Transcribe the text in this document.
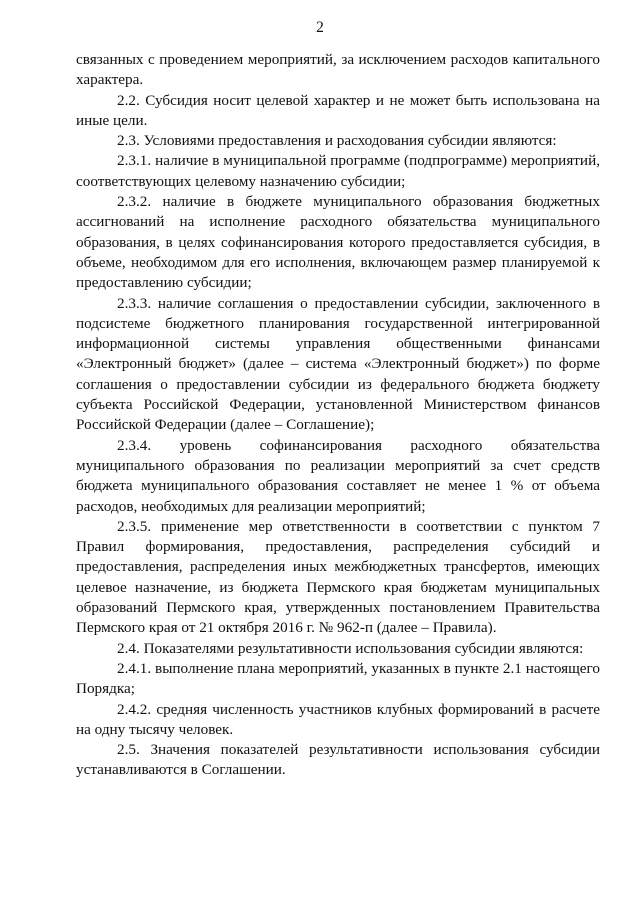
2

связанных с проведением мероприятий, за исключением расходов капитального характера.

2.2. Субсидия носит целевой характер и не может быть использована на иные цели.

2.3. Условиями предоставления и расходования субсидии являются:

2.3.1. наличие в муниципальной программе (подпрограмме) мероприятий, соответствующих целевому назначению субсидии;

2.3.2. наличие в бюджете муниципального образования бюджетных ассигнований на исполнение расходного обязательства муниципального образования, в целях софинансирования которого предоставляется субсидия, в объеме, необходимом для его исполнения, включающем размер планируемой к предоставлению субсидии;

2.3.3. наличие соглашения о предоставлении субсидии, заключенного в подсистеме бюджетного планирования государственной интегрированной информационной системы управления общественными финансами «Электронный бюджет» (далее – система «Электронный бюджет») по форме соглашения о предоставлении субсидии из федерального бюджета бюджету субъекта Российской Федерации, установленной Министерством финансов Российской Федерации (далее – Соглашение);

2.3.4. уровень софинансирования расходного обязательства муниципального образования по реализации мероприятий за счет средств бюджета муниципального образования составляет не менее 1 % от объема расходов, необходимых для реализации мероприятий;

2.3.5. применение мер ответственности в соответствии с пунктом 7 Правил формирования, предоставления, распределения субсидий и предоставления, распределения иных межбюджетных трансфертов, имеющих целевое назначение, из бюджета Пермского края бюджетам муниципальных образований Пермского края, утвержденных постановлением Правительства Пермского края от 21 октября 2016 г. № 962-п (далее – Правила).

2.4. Показателями результативности использования субсидии являются:

2.4.1. выполнение плана мероприятий, указанных в пункте 2.1 настоящего Порядка;

2.4.2. средняя численность участников клубных формирований в расчете на одну тысячу человек.

2.5. Значения показателей результативности использования субсидии устанавливаются в Соглашении.
